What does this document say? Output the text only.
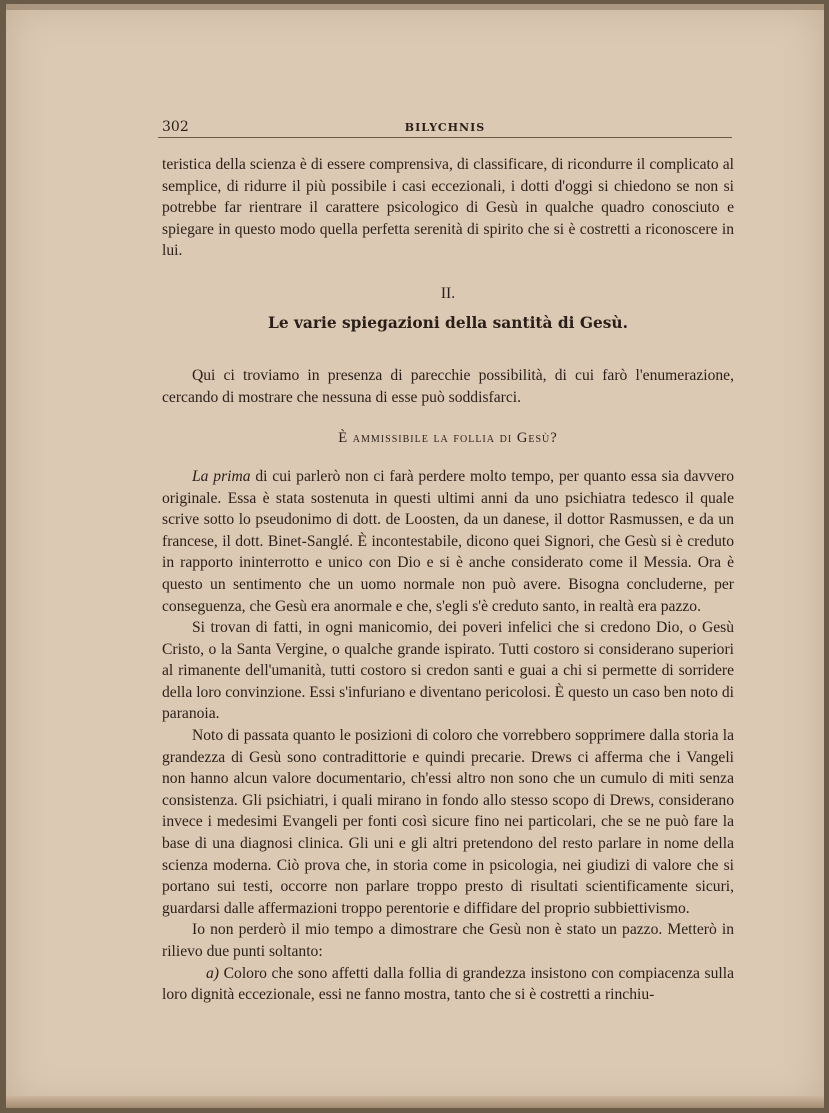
302	BILYCHNIS

teristica della scienza è di essere comprensiva, di classificare, di ricondurre il complicato al semplice, di ridurre il più possibile i casi eccezionali, i dotti d'oggi si chiedono se non si potrebbe far rientrare il carattere psicologico di Gesù in qualche quadro conosciuto e spiegare in questo modo quella perfetta serenità di spirito che si è costretti a riconoscere in lui.

II.

Le varie spiegazioni della santità di Gesù.

Qui ci troviamo in presenza di parecchie possibilità, di cui farò l'enumerazione, cercando di mostrare che nessuna di esse può soddisfarci.

È ammissibile la follia di Gesù?

La prima di cui parlerò non ci farà perdere molto tempo, per quanto essa sia davvero originale. Essa è stata sostenuta in questi ultimi anni da uno psichiatra tedesco il quale scrive sotto lo pseudonimo di dott. de Loosten, da un danese, il dottor Rasmussen, e da un francese, il dott. Binet-Sanglé. È incontestabile, dicono quei Signori, che Gesù si è creduto in rapporto ininterrotto e unico con Dio e si è anche considerato come il Messia. Ora è questo un sentimento che un uomo normale non può avere. Bisogna concluderne, per conseguenza, che Gesù era anormale e che, s'egli s'è creduto santo, in realtà era pazzo.

Si trovan di fatti, in ogni manicomio, dei poveri infelici che si credono Dio, o Gesù Cristo, o la Santa Vergine, o qualche grande ispirato. Tutti costoro si considerano superiori al rimanente dell'umanità, tutti costoro si credon santi e guai a chi si permette di sorridere della loro convinzione. Essi s'infuriano e diventano pericolosi. È questo un caso ben noto di paranoia.

Noto di passata quanto le posizioni di coloro che vorrebbero sopprimere dalla storia la grandezza di Gesù sono contradittorie e quindi precarie. Drews ci afferma che i Vangeli non hanno alcun valore documentario, ch'essi altro non sono che un cumulo di miti senza consistenza. Gli psichiatri, i quali mirano in fondo allo stesso scopo di Drews, considerano invece i medesimi Evangeli per fonti così sicure fino nei particolari, che se ne può fare la base di una diagnosi clinica. Gli uni e gli altri pretendono del resto parlare in nome della scienza moderna. Ciò prova che, in storia come in psicologia, nei giudizi di valore che si portano sui testi, occorre non parlare troppo presto di risultati scientificamente sicuri, guardarsi dalle affermazioni troppo perentorie e diffidare del proprio subbiettivismo.

Io non perderò il mio tempo a dimostrare che Gesù non è stato un pazzo. Metterò in rilievo due punti soltanto:

a) Coloro che sono affetti dalla follia di grandezza insistono con compiacenza sulla loro dignità eccezionale, essi ne fanno mostra, tanto che si è costretti a rinchiu-
